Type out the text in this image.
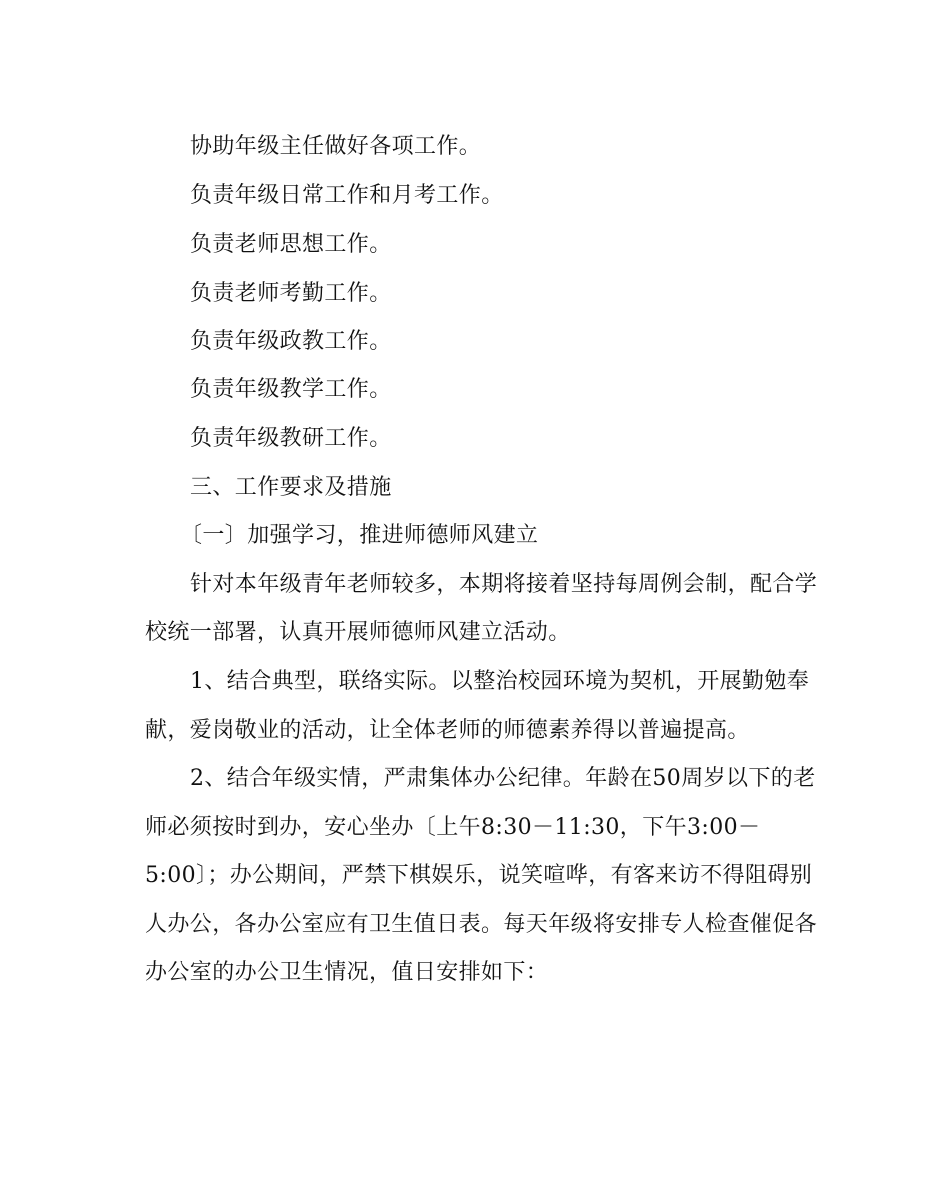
协助年级主任做好各项工作。
负责年级日常工作和月考工作。
负责老师思想工作。
负责老师考勤工作。
负责年级政教工作。
负责年级教学工作。
负责年级教研工作。
三、工作要求及措施
〔一〕加强学习，推进师德师风建立
针对本年级青年老师较多，本期将接着坚持每周例会制，配合学
校统一部署，认真开展师德师风建立活动。
1、结合典型，联络实际。以整治校园环境为契机，开展勤勉奉
献，爱岗敬业的活动，让全体老师的师德素养得以普遍提高。
2、结合年级实情，严肃集体办公纪律。年龄在50周岁以下的老
师必须按时到办，安心坐办〔上午8:30－11:30，下午3:00－
5:00〕；办公期间，严禁下棋娱乐，说笑喧哗，有客来访不得阻碍别
人办公，各办公室应有卫生值日表。每天年级将安排专人检查催促各
办公室的办公卫生情况，值日安排如下：
